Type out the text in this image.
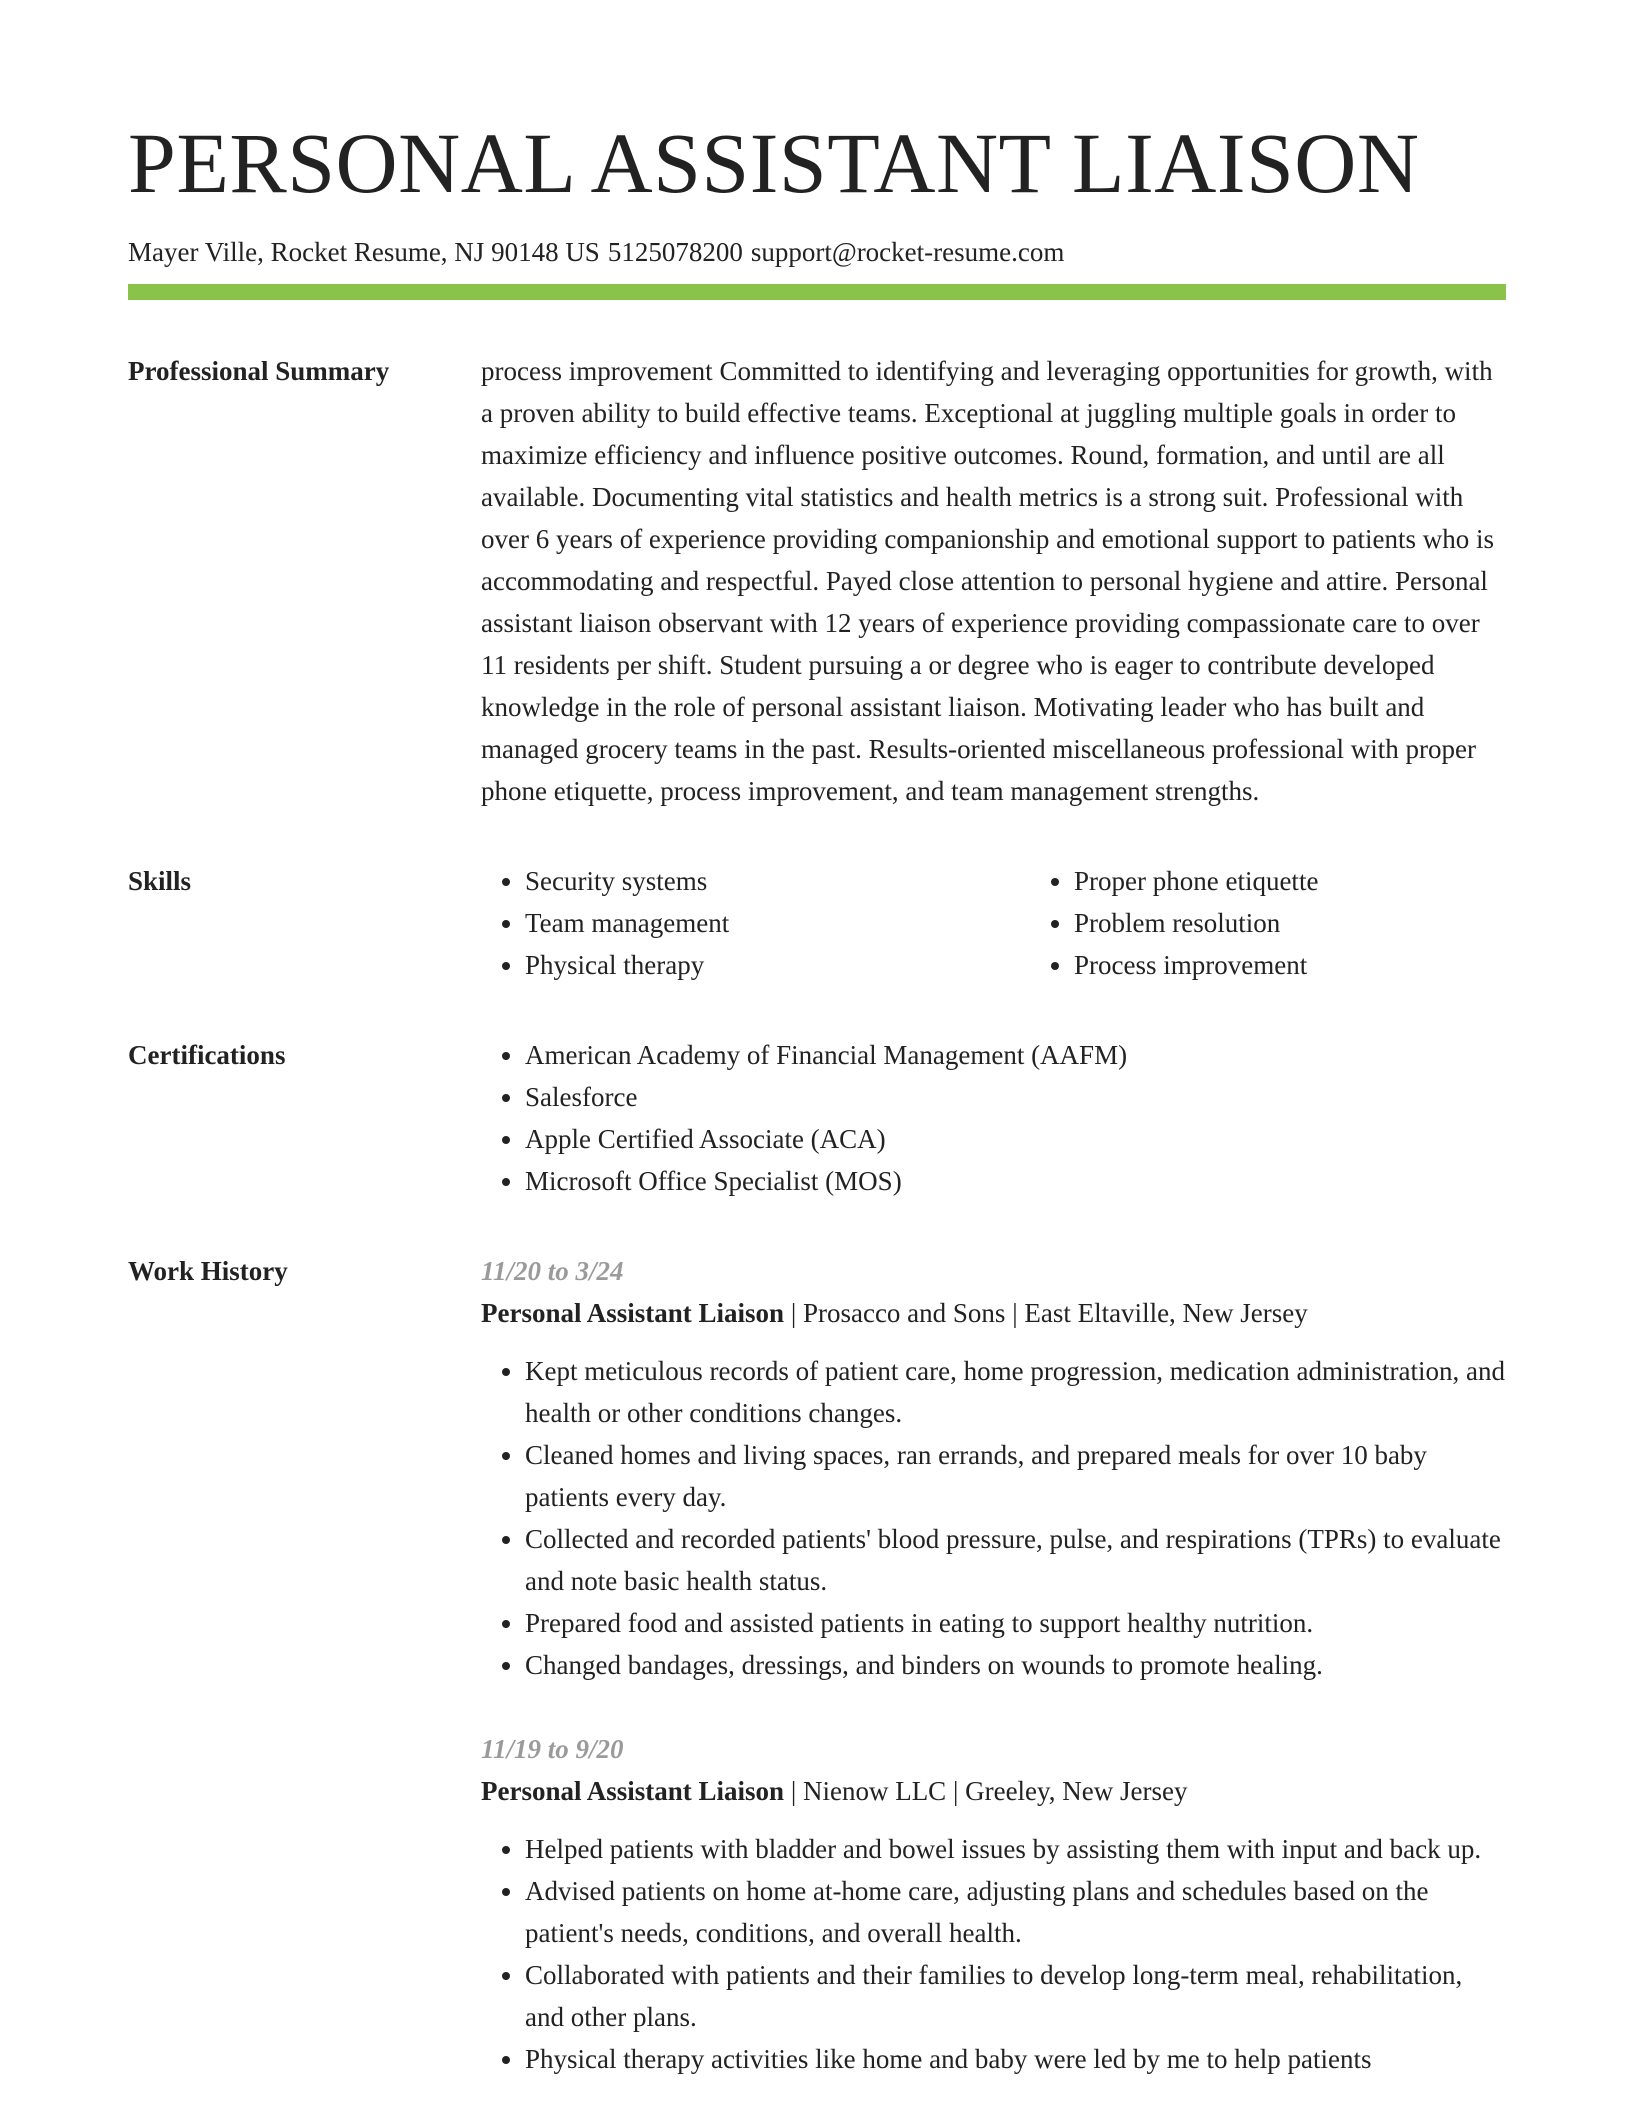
PERSONAL ASSISTANT LIAISON
Mayer Ville, Rocket Resume, NJ 90148 US 5125078200 support@rocket-resume.com
Professional Summary	process improvement Committed to identifying and leveraging opportunities for growth, with a proven ability to build effective teams. Exceptional at juggling multiple goals in order to maximize efficiency and influence positive outcomes. Round, formation, and until are all available. Documenting vital statistics and health metrics is a strong suit. Professional with over 6 years of experience providing companionship and emotional support to patients who is accommodating and respectful. Payed close attention to personal hygiene and attire. Personal assistant liaison observant with 12 years of experience providing compassionate care to over 11 residents per shift. Student pursuing a or degree who is eager to contribute developed knowledge in the role of personal assistant liaison. Motivating leader who has built and managed grocery teams in the past. Results-oriented miscellaneous professional with proper phone etiquette, process improvement, and team management strengths.

Skills	• Security systems
• Team management
• Physical therapy
• Proper phone etiquette
• Problem resolution
• Process improvement
Certifications	• American Academy of Financial Management (AAFM)
• Salesforce
• Apple Certified Associate (ACA)
• Microsoft Office Specialist (MOS)
Work History	11/20 to 3/24
Personal Assistant Liaison | Prosacco and Sons | East Eltaville, New Jersey
• Kept meticulous records of patient care, home progression, medication administration, and health or other conditions changes.
• Cleaned homes and living spaces, ran errands, and prepared meals for over 10 baby patients every day.
• Collected and recorded patients' blood pressure, pulse, and respirations (TPRs) to evaluate and note basic health status.
• Prepared food and assisted patients in eating to support healthy nutrition.
• Changed bandages, dressings, and binders on wounds to promote healing.
11/19 to 9/20
Personal Assistant Liaison | Nienow LLC | Greeley, New Jersey
• Helped patients with bladder and bowel issues by assisting them with input and back up.
• Advised patients on home at-home care, adjusting plans and schedules based on the patient's needs, conditions, and overall health.
• Collaborated with patients and their families to develop long-term meal, rehabilitation, and other plans.
• Physical therapy activities like home and baby were led by me to help patients
